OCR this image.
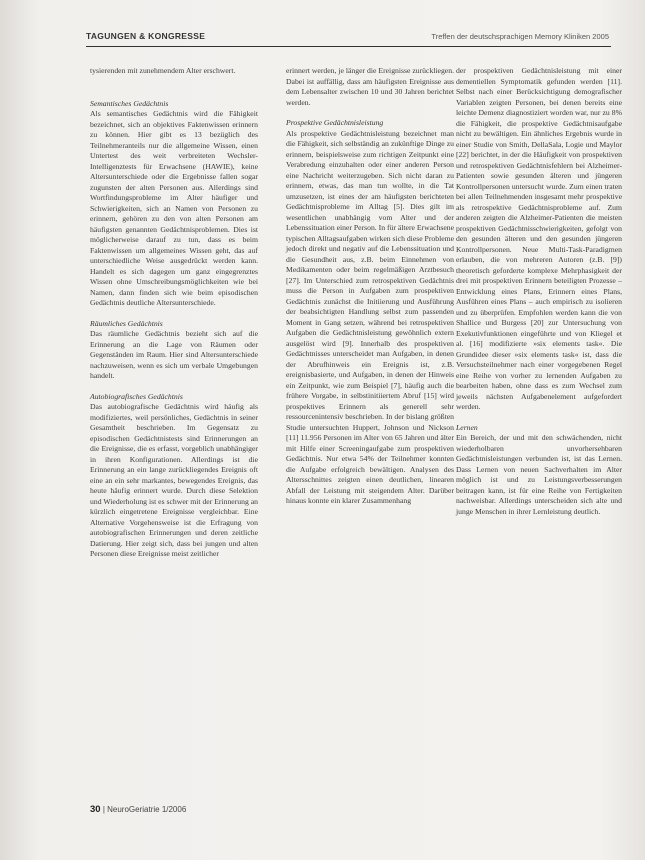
TAGUNGEN & KONGRESSE	Treffen der deutschsprachigen Memory Kliniken 2005

tysierenden mit zunehmendem Alter erschwert.

Semantisches Gedächtnis

Als semantisches Gedächtnis wird die Fähigkeit bezeichnet, sich an objektives Faktenwissen erinnern zu können. Hier gibt es 13 bezüglich des Teilnehmeranteils nur die allgemeine Wissen, einen Untertest des weit verbreiteten Wechsler-Intelligenztests für Erwachsene (HAWIE), keine Altersunterschiede oder die Ergebnisse fallen sogar zugunsten der alten Personen aus. Allerdings sind Wortfindungsprobleme im Alter häufiger und Schwierigkeiten, sich an Namen von Personen zu erinnern, gehören zu den von alten Personen am häufigsten genannten Gedächtnisproblemen. Dies ist möglicherweise darauf zu tun, dass es beim Faktenwissen um allgemeines Wissen geht, das auf unterschiedliche Weise ausgedrückt werden kann. Handelt es sich dagegen um ganz eingegrenztes Wissen ohne Umschreibungsmöglichkeiten wie bei Namen, dann finden sich wie beim episodischen Gedächtnis deutliche Altersunterschiede.

Räumliches Gedächtnis

Das räumliche Gedächtnis bezieht sich auf die Erinnerung an die Lage von Räumen oder Gegenständen im Raum. Hier sind Altersunterschiede nachzuweisen, wenn es sich um verbale Umgebungen handelt.

Autobiografisches Gedächtnis

Das autobiografische Gedächtnis wird häufig als modifiziertes, weil persönliches, Gedächtnis in seiner Gesamtheit beschrieben. Im Gegensatz zu episodischen Gedächtnistests sind Erinnerungen an die Ereignisse, die es erfasst, vorgeblich unabhängiger in ihren Konfigurationen. Allerdings ist die Erinnerung an ein lange zurückliegendes Ereignis oft eine an ein sehr markantes, bewegendes Ereignis, das heute häufig erinnert wurde. Durch diese Selektion und Wiederholung ist es schwer mit der Erinnerung an kürzlich eingetretene Ereignisse vergleichbar. Eine Alternative Vorgehensweise ist die Erfragung von autobiografischen Erinnerungen und deren zeitliche Datierung. Hier zeigt sich, dass bei jungen und alten Personen diese Ereignisse meist zeitlicher

erinnert werden, je länger die Ereignisse zurückliegen. Dabei ist auffällig, dass am häufigsten Ereignisse aus dem Lebensalter zwischen 10 und 30 Jahren berichtet werden.

Prospektive Gedächtnisleistung

Als prospektive Gedächtnisleistung bezeichnet man die Fähigkeit, sich selbständig an zukünftige Dinge zu erinnern, beispielsweise zum richtigen Zeitpunkt eine Verabredung einzuhalten oder einer anderen Person eine Nachricht weiterzugeben. Sich nicht daran zu erinnern, etwas, das man tun wollte, in die Tat umzusetzen, ist eines der am häufigsten berichteten Gedächtnisprobleme im Alltag [5]. Dies gilt im wesentlichen unabhängig vom Alter und der Lebenssituation einer Person. In für ältere Erwachsene typischen Alltagsaufgaben wirken sich diese Probleme jedoch direkt und negativ auf die Lebenssituation und die Gesundheit aus, z.B. beim Einnehmen von Medikamenten oder beim regelmäßigen Arztbesuch [27]. Im Unterschied zum retrospektiven Gedächtnis muss die Person in Aufgaben zum prospektiven Gedächtnis zunächst die Initiierung und Ausführung der beabsichtigten Handlung selbst zum passenden Moment in Gang setzen, während bei retrospektiven Aufgaben die Gedächtnisleistung gewöhnlich extern ausgelöst wird [9]. Innerhalb des prospektiven Gedächtnisses unterscheidet man Aufgaben, in denen der Abrufhinweis ein Ereignis ist, z.B. ereignisbasierte, und Aufgaben, in denen der Hinweis ein Zeitpunkt, wie zum Beispiel [7], häufig auch die frühere Vorgabe, in selbstinitiiertem Abruf [15] wird prospektives Erinnern als generell sehr ressourcenintensiv beschrieben. In der bislang größten Studie untersuchten Huppert, Johnson und Nickson [11] 11.956 Personen im Alter von 65 Jahren und älter mit Hilfe einer Screeningaufgabe zum prospektiven Gedächtnis. Nur etwa 54% der Teilnehmer konnten die Aufgabe erfolgreich bewältigen. Analysen des Altersschnittes zeigten einen deutlichen, linearen Abfall der Leistung mit steigendem Alter. Darüber hinaus konnte ein klarer Zusammenhang

der prospektiven Gedächtnisleistung mit einer dementiellen Symptomatik gefunden werden [11]. Selbst nach einer Berücksichtigung demografischer Variablen zeigten Personen, bei denen bereits eine leichte Demenz diagnostiziert worden war, nur zu 8% die Fähigkeit, die prospektive Gedächtnisaufgabe nicht zu bewältigen. Ein ähnliches Ergebnis wurde in einer Studie von Smith, DellaSala, Logie und Maylor [22] berichtet, in der die Häufigkeit von prospektiven und retrospektiven Gedächtnisfehlern bei Alzheimer-Patienten sowie gesunden älteren und jüngeren Kontrollpersonen untersucht wurde. Zum einen traten bei allen Teilnehmenden insgesamt mehr prospektive als retrospektive Gedächtnisprobleme auf. Zum anderen zeigten die Alzheimer-Patienten die meisten prospektiven Gedächtnisschwierigkeiten, gefolgt von den gesunden älteren und den gesunden jüngeren Kontrollpersonen. Neue Multi-Task-Paradigmen erlauben, die von mehreren Autoren (z.B. [9]) theoretisch geforderte komplexe Mehrphasigkeit der drei mit prospektiven Erinnern beteiligten Prozesse – Entwicklung eines Plans, Erinnern eines Plans, Ausführen eines Plans – auch empirisch zu isolieren und zu überprüfen. Empfohlen werden kann die von Shallice und Burgess [20] zur Untersuchung von Exekutivfunktionen eingeführte und von Kliegel et al. [16] modifizierte »six elements task«. Die Grundidee dieser »six elements task« ist, dass die Versuchsteilnehmer nach einer vorgegebenen Regel eine Reihe von vorher zu lernenden Aufgaben zu bearbeiten haben, ohne dass es zum Wechsel zum jeweils nächsten Aufgabenelement aufgefordert werden.

Lernen

Ein Bereich, der und mit den schwächenden, nicht wiederholbaren unvorhersehbaren Gedächtnisleistungen verbunden ist, ist das Lernen. Dass Lernen von neuen Sachverhalten im Alter möglich ist und zu Leistungsverbesserungen beitragen kann, ist für eine Reihe von Fertigkeiten nachweisbar. Allerdings unterscheiden sich alte und junge Menschen in ihrer Lernleistung deutlich.

30 | NeuroGeriatrie 1/2006
